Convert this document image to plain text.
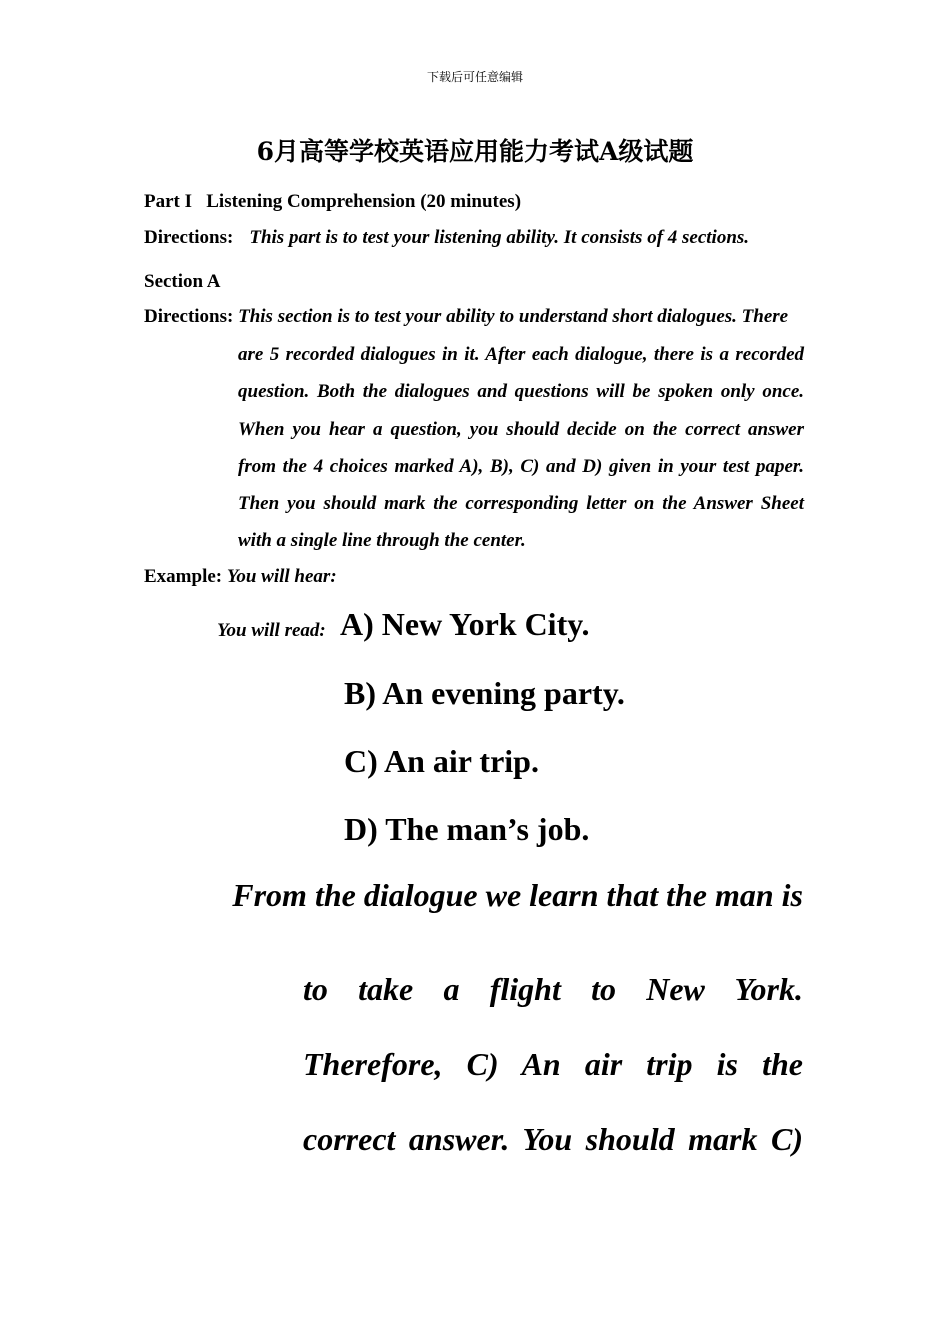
下载后可任意编辑

6月高等学校英语应用能力考试A级试题

Part I   Listening Comprehension (20 minutes)

Directions: This part is to test your listening ability. It consists of 4 sections.

Section A

Directions: This section is to test your ability to understand short dialogues. There

are 5 recorded dialogues in it. After each dialogue, there is a recorded
question. Both the dialogues and questions will be spoken only once.
When you hear a question, you should decide on the correct answer
from the 4 choices marked A), B), C) and D) given in your test paper.
Then you should mark the corresponding letter on the Answer Sheet
with a single line through the center.

Example: You will hear:

You will read: A) New York City.

B) An evening party.

C) An air trip.

D) The man’s job.

From the dialogue we learn that the man is

to take a flight to New York.
Therefore, C) An air trip is the
correct answer. You should mark C)
